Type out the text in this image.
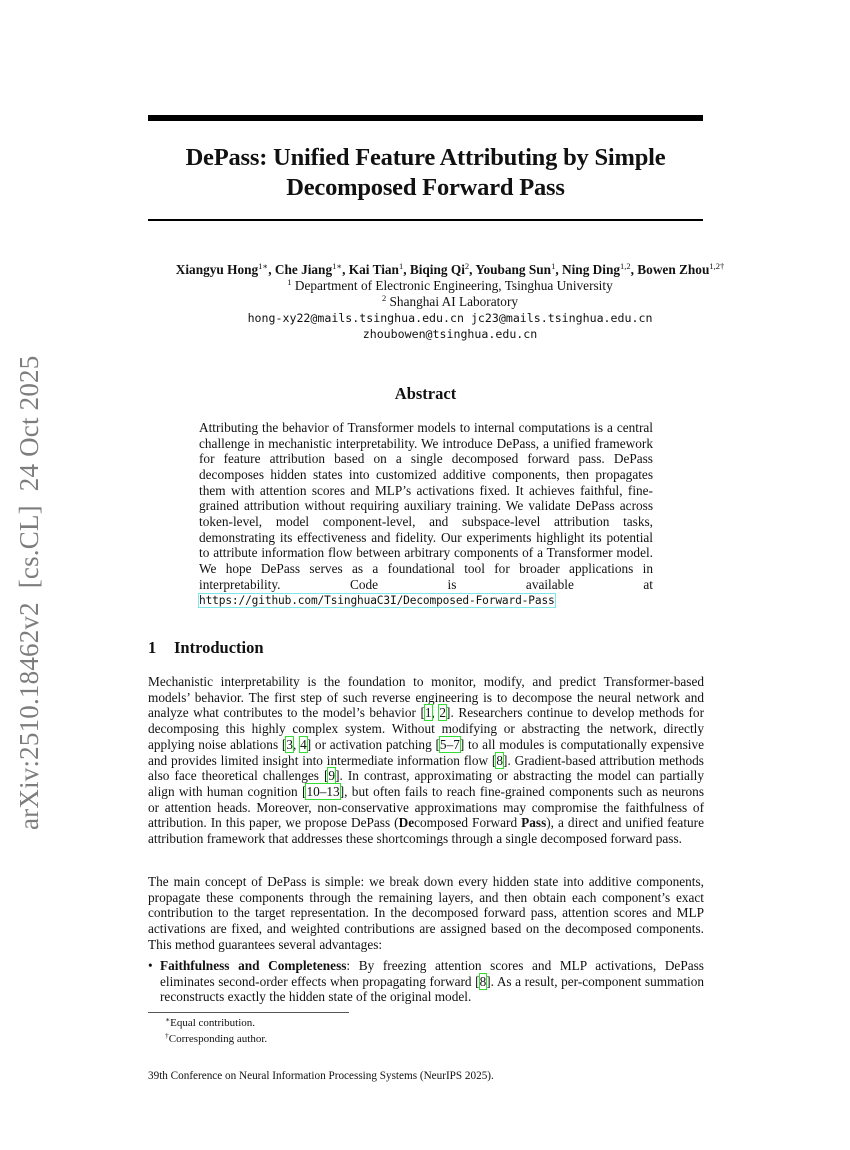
arXiv:2510.18462v2  [cs.CL]  24 Oct 2025
DePass: Unified Feature Attributing by Simple
Decomposed Forward Pass
Xiangyu Hong$^{1∗}$, Che Jiang$^{1∗}$, Kai Tian$^1$, Biqing Qi$^2$, Youbang Sun$^1$, Ning Ding$^{1,2}$, Bowen Zhou$^{1,2\dagger}$
$^1$ Department of Electronic Engineering, Tsinghua University
$^2$ Shanghai AI Laboratory
hong-xy22@mails.tsinghua.edu.cn jc23@mails.tsinghua.edu.cn
zhoubowen@tsinghua.edu.cn
Abstract

Attributing the behavior of Transformer models to internal computations is a central challenge in mechanistic interpretability. We introduce DePass, a unified framework for feature attribution based on a single decomposed forward pass. DePass decomposes hidden states into customized additive components, then propagates them with attention scores and MLP’s activations fixed. It achieves faithful, fine-grained attribution without requiring auxiliary training. We validate DePass across token-level, model component-level, and subspace-level attribution tasks, demonstrating its effectiveness and fidelity. Our experiments highlight its potential to attribute information flow between arbitrary components of a Transformer model. We hope DePass serves as a foundational tool for broader applications in interpretability. Code is available at https://github.com/TsinghuaC3I/Decomposed-Forward-Pass

1 Introduction

Mechanistic interpretability is the foundation to monitor, modify, and predict Transformer-based models’ behavior. The first step of such reverse engineering is to decompose the neural network and analyze what contributes to the model’s behavior [1, 2]. Researchers continue to develop methods for decomposing this highly complex system. Without modifying or abstracting the network, directly applying noise ablations [3, 4] or activation patching [5–7] to all modules is computationally expensive and provides limited insight into intermediate information flow [8]. Gradient-based attribution methods also face theoretical challenges [9]. In contrast, approximating or abstracting the model can partially align with human cognition [10–13], but often fails to reach fine-grained components such as neurons or attention heads. Moreover, non-conservative approximations may compromise the faithfulness of attribution. In this paper, we propose DePass (Decomposed Forward Pass), a direct and unified feature attribution framework that addresses these shortcomings through a single decomposed forward pass.

The main concept of DePass is simple: we break down every hidden state into additive components, propagate these components through the remaining layers, and then obtain each component’s exact contribution to the target representation. In the decomposed forward pass, attention scores and MLP activations are fixed, and weighted contributions are assigned based on the decomposed components. This method guarantees several advantages:

• Faithfulness and Completeness: By freezing attention scores and MLP activations, DePass eliminates second-order effects when propagating forward [8]. As a result, per-component summation reconstructs exactly the hidden state of the original model.
∗Equal contribution.
†Corresponding author.
39th Conference on Neural Information Processing Systems (NeurIPS 2025).
